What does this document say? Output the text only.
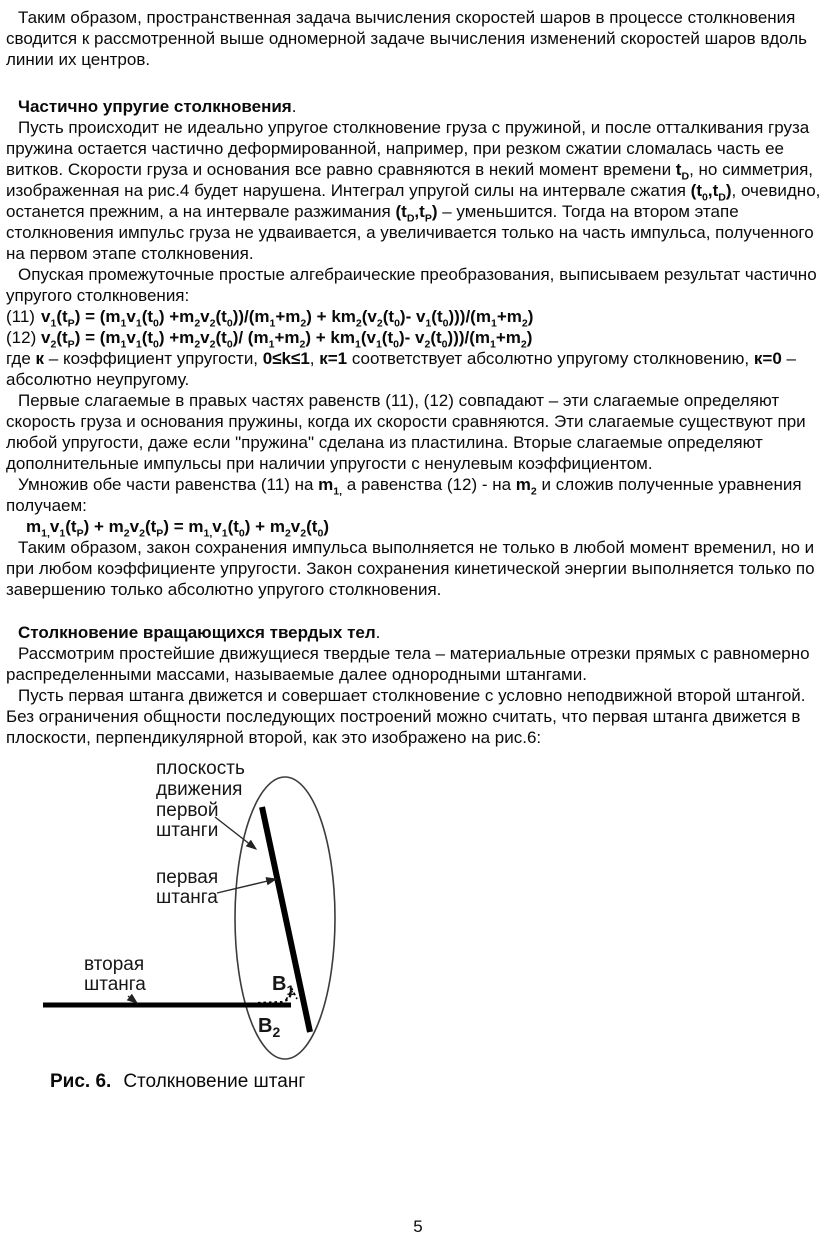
Таким образом, пространственная задача вычисления скоростей шаров в процессе столкновения сводится к рассмотренной выше одномерной задаче вычисления изменений скоростей шаров вдоль линии их центров.

Частично упругие столкновения.

Пусть происходит не идеально упругое столкновение груза с пружиной, и после отталкивания груза пружина остается частично деформированной, например, при резком сжатии сломалась часть ее витков. Скорости груза и основания все равно сравняются в некий момент времени $t_D$, но симметрия, изображенная на рис.4 будет нарушена. Интеграл упругой силы на интервале сжатия $(t_0,t_D)$, очевидно, останется прежним, а на интервале разжимания $(t_D,t_P)$ – уменьшится. Тогда на втором этапе столкновения импульс груза не удваивается, а увеличивается только на часть импульса, полученного на первом этапе столкновения.

Опуская промежуточные простые алгебраические преобразования, выписываем результат частично упругого столкновения:

(11) $v_1(t_P) = (m_1v_1(t_0) +m_2v_2(t_0))/(m_1+m_2) + km_2(v_2(t_0)-$ $v_1(t_0)))/(m_1+m_2)$
(12) $v_2(t_P) = (m_1v_1(t_0) +m_2v_2(t_0)/$ $(m_1+m_2) + km_1(v_1(t_0)-$ $v_2(t_0)))/(m_1+m_2)$

где к – коэффициент упругости, 0≤k≤1, к=1 соответствует абсолютно упругому столкновению, к=0 – абсолютно неупругому.

Первые слагаемые в правых частях равенств (11), (12) совпадают – эти слагаемые определяют скорость груза и основания пружины, когда их скорости сравняются. Эти слагаемые существуют при любой упругости, даже если "пружина" сделана из пластилина. Вторые слагаемые определяют дополнительные импульсы при наличии упругости с ненулевым коэффициентом.

Умножив обе части равенства (11) на $m_{1,}$ а равенства (12) - на $m_2$ и сложив полученные уравнения получаем:

$m_{1,}v_1(t_P) + m_2v_2(t_P) = m_{1,}v_1(t_0) + m_2v_2(t_0)$

Таким образом, закон сохранения импульса выполняется не только в любой момент временил, но и при любом коэффициенте упругости. Закон сохранения кинетической энергии выполняется только по завершению только абсолютно упругого столкновения.

Столкновение вращающихся твердых тел.

Рассмотрим простейшие движущиеся твердые тела – материальные отрезки прямых с равномерно распределенными массами, называемые далее однородными штангами.

Пусть первая штанга движется и совершает столкновение с условно неподвижной второй штангой. Без ограничения общности последующих построений можно считать, что первая штанга движется в плоскости, перпендикулярной второй, как это изображено на рис.6:

плоскость
движения
первой
штанги
первая
штанга
вторая
штанга	$B_1$
$B_2$
Рис. 6. Столкновение штанг
5
